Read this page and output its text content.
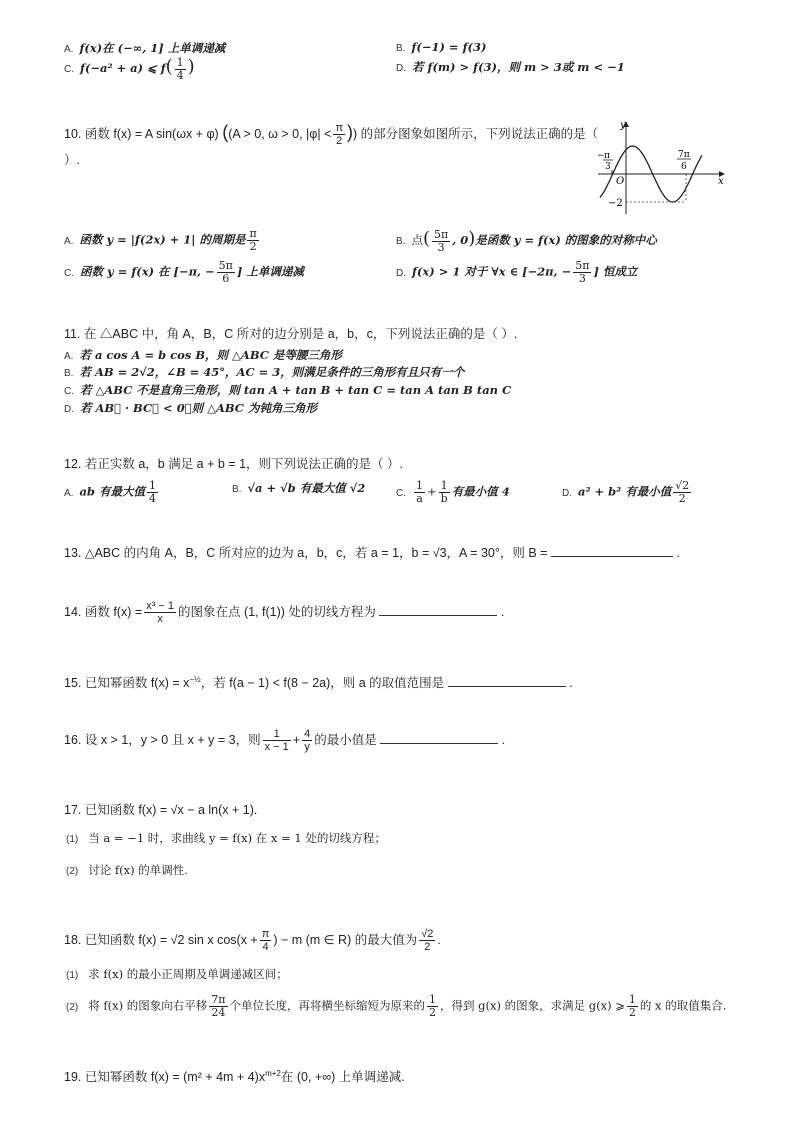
A. f(x)在 (−∞, 1] 上单调递减	B. f(−1) = f(3)
C. f(−a² + a) ⩽ $f( \frac{1}{4}$ )	D. 若 f(m) > f(3)，则 m > 3或 m < −1
10. 函数 f(x) = A sin(ωx + φ) ((A > 0, ω > 0, $|\varphi| < \frac{\pi}{2}$ )) 的部分图象如图所示，下列说法正确的是（
）.
y
x
O
− π
3
7π
6
−2
A. 函数 y = |f(2x) + 1| 的周期是 $\frac{\pi}{2}$	B. 点( $\frac{5\pi}{3}$ , 0)是函数 y = f(x) 的图象的对称中心
C. 函数 y = f(x) 在 [−π, − $\frac{5\pi}{6}$ ] 上单调递减	D. f(x) > 1 对于 ∀x ∈ [−2π, − $\frac{5\pi}{3}$ ] 恒成立
11. 在 △ABC 中，角 A，B，C 所对的边分别是 a，b，c，下列说法正确的是（ ）.
A. 若 a cos A = b cos B，则 △ABC 是等腰三角形
B. 若 AB = 2√2，∠B = 45°，AC = 3，则满足条件的三角形有且只有一个
C. 若 △ABC 不是直角三角形，则 tan A + tan B + tan C = tan A tan B tan C
D. 若 AB⃗ · BC⃗ < 0，则 △ABC 为钝角三角形
12. 若正实数 a，b 满足 a + b = 1，则下列说法正确的是（ ）.
A. ab 有最大值 $\frac{1}{4}$	B. √a + √b 有最大值 √2	C. $\frac{1}{a} + \frac{1}{b}$ 有最小值 4	D. a² + b² 有最小值 $\frac{√2}{2}$
13. △ABC 的内角 A，B，C 所对应的边为 a，b，c，若 a = 1，b = √3，A = 30°，则 B =	.
14. 函数 $f(x) = \frac{\text{x³ − 1}}{x}$ 的图象在点 (1, f(1)) 处的切线方程为	.
15. 已知幂函数 $f(x) = x^{-\frac{1}{2}}$，若 f(a − 1) < f(8 − 2a)，则 a 的取值范围是	.
16. 设 x > 1，y > 0 且 x + y = 3，则 $\frac{1}{x - 1} + \frac{4}{y}$ 的最小值是	.
17. 已知函数 f(x) = √x − a ln(x + 1).
(1) 当 a = −1 时，求曲线 y = f(x) 在 x = 1 处的切线方程；
(2) 讨论 f(x) 的单调性.
18. 已知函数 f(x) = √2 sin x $\cos(x + \frac{\pi}{4}$ ) − m (m ∈ R) 的最大值为 $\frac{√2}{2}$ .
(1) 求 f(x) 的最小正周期及单调递减区间；
(2) 将 f(x) 的图象向右平移 $\frac{7\pi}{24}$ 个单位长度，再将横坐标缩短为原来的 $\frac{1}{2}$ ，得到 g(x) 的图象，求满足 g(x) ⩾ $\frac{1}{2}$ 的 x 的取值集合.
19. 已知幂函数 $f(x) = (m^2 + 4m + 4)x^{m+2}$在 (0, +∞) 上单调递减.
